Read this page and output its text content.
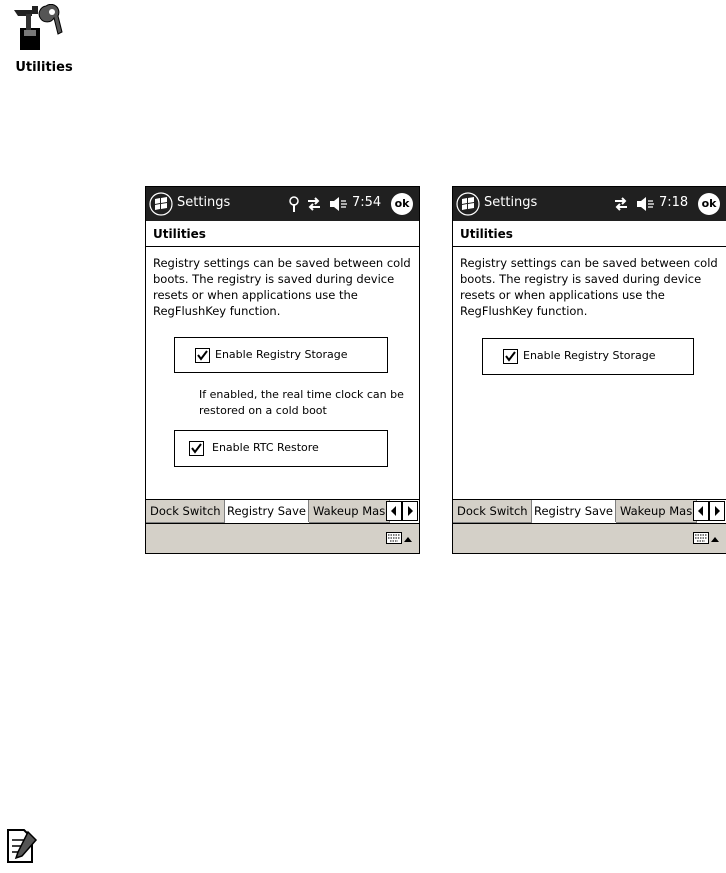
Utilities
Settings	7:54	ok
Utilities
Registry settings can be saved between cold boots. The registry is saved during device resets or when applications use the RegFlushKey function.
Enable Registry Storage
If enabled, the real time clock can be restored on a cold boot
Enable RTC Restore
Dock Switch Registry Save Wakeup Mas
Settings	7:18	ok
Utilities
Registry settings can be saved between cold boots. The registry is saved during device resets or when applications use the RegFlushKey function.
Enable Registry Storage
Dock Switch Registry Save Wakeup Mas
